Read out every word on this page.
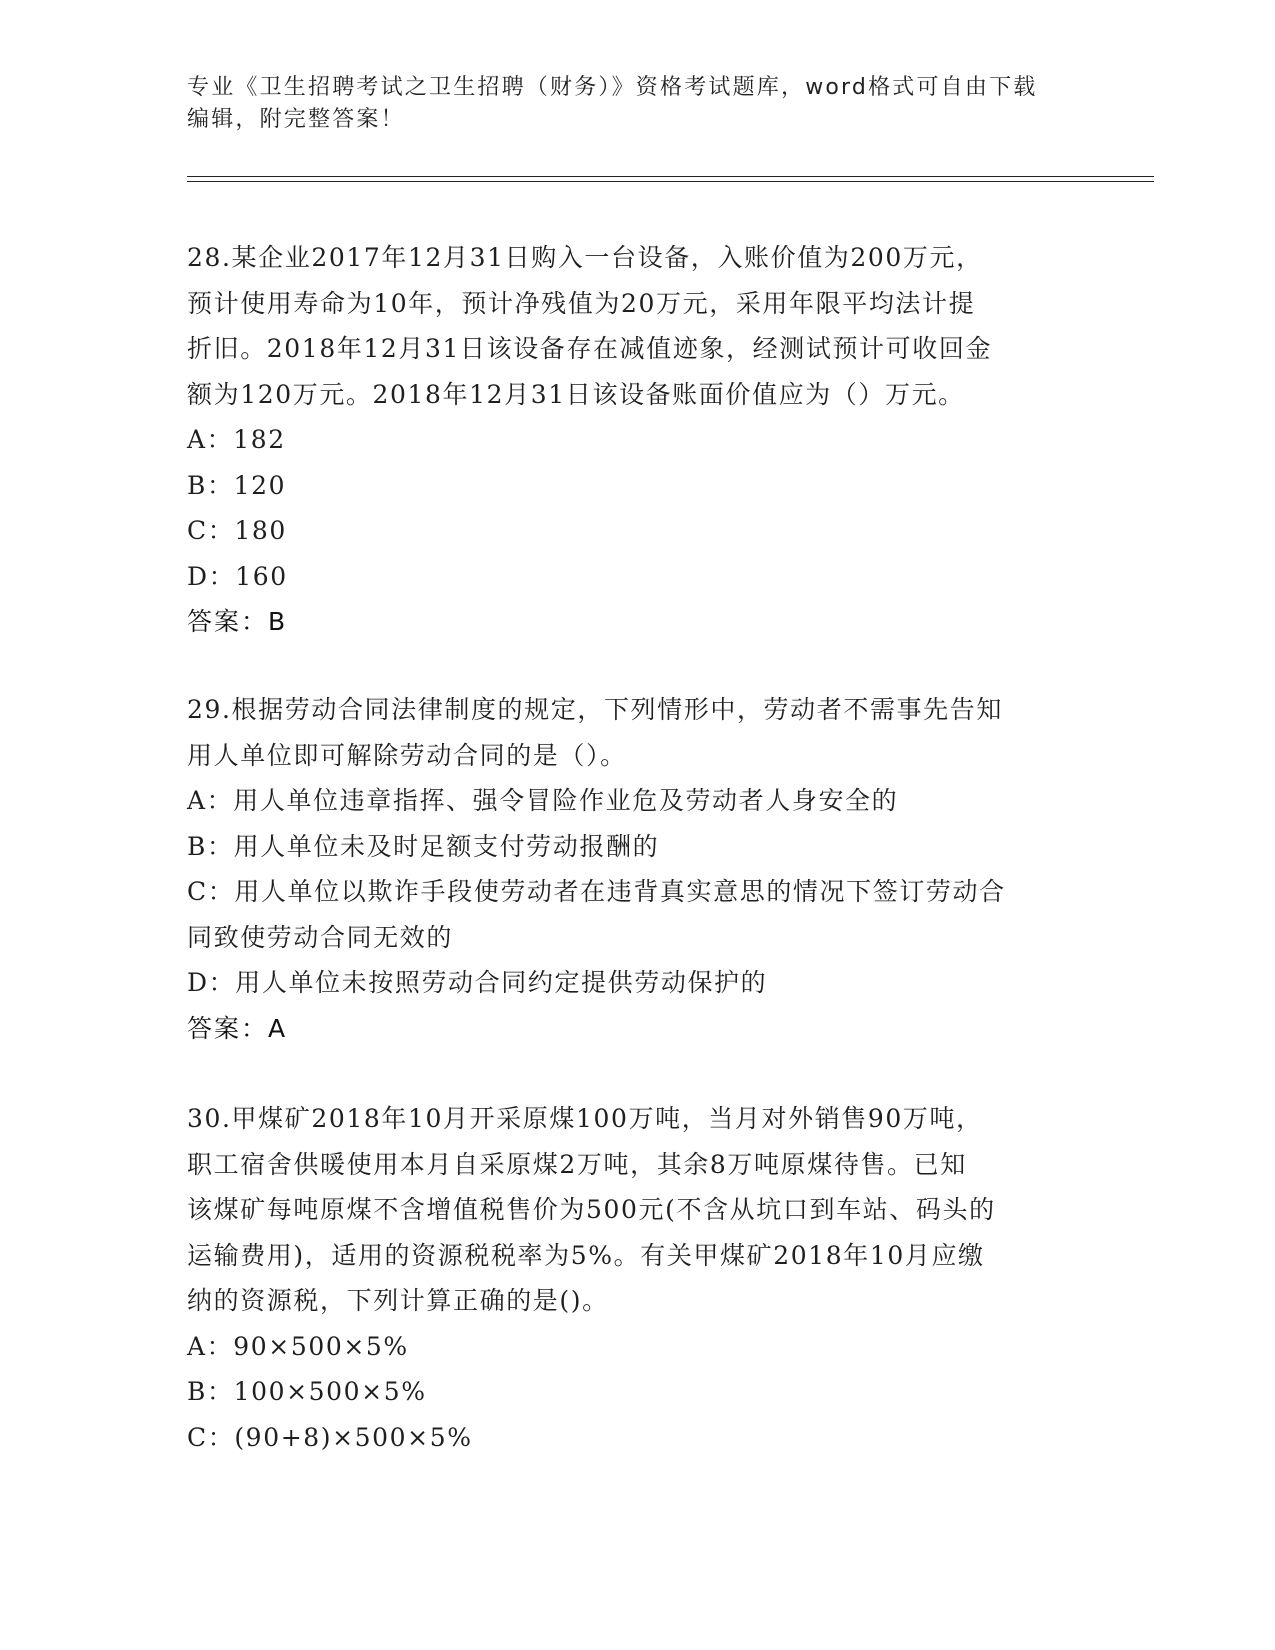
专业《卫生招聘考试之卫生招聘（财务）》资格考试题库，word格式可自由下载
编辑，附完整答案！
28.某企业2017年12月31日购入一台设备，入账价值为200万元，
预计使用寿命为10年，预计净残值为20万元，采用年限平均法计提
折旧。2018年12月31日该设备存在减值迹象，经测试预计可收回金
额为120万元。2018年12月31日该设备账面价值应为（）万元。
A：182
B：120
C：180
D：160
答案：B
29.根据劳动合同法律制度的规定，下列情形中，劳动者不需事先告知
用人单位即可解除劳动合同的是（）。
A：用人单位违章指挥、强令冒险作业危及劳动者人身安全的
B：用人单位未及时足额支付劳动报酬的
C：用人单位以欺诈手段使劳动者在违背真实意思的情况下签订劳动合
同致使劳动合同无效的
D：用人单位未按照劳动合同约定提供劳动保护的
答案：A
30.甲煤矿2018年10月开采原煤100万吨，当月对外销售90万吨，
职工宿舍供暖使用本月自采原煤2万吨，其余8万吨原煤待售。已知
该煤矿每吨原煤不含增值税售价为500元(不含从坑口到车站、码头的
运输费用)，适用的资源税税率为5%。有关甲煤矿2018年10月应缴
纳的资源税，下列计算正确的是()。
A：90×500×5%
B：100×500×5%
C：(90+8)×500×5%
